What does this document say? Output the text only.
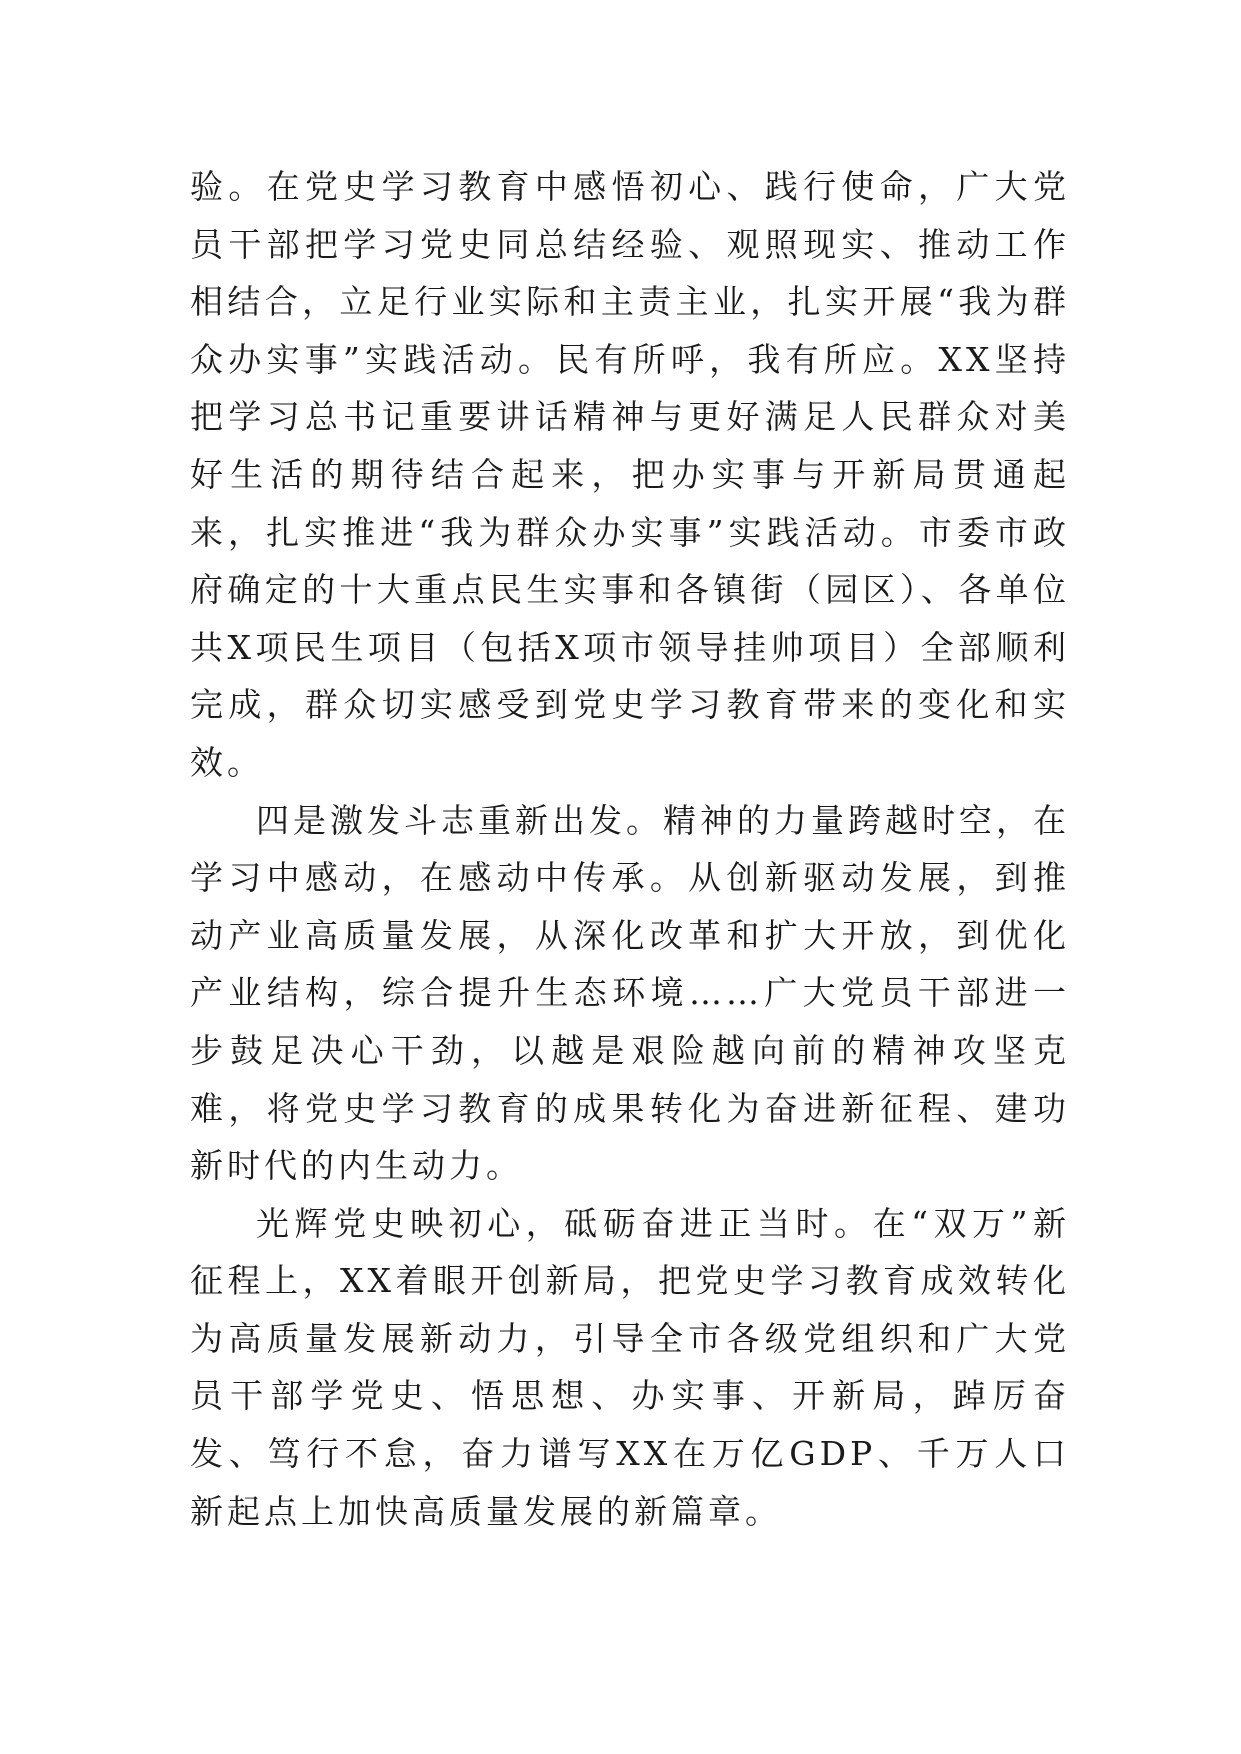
验。在党史学习教育中感悟初心、践行使命，广大党员干部把学习党史同总结经验、观照现实、推动工作相结合，立足行业实际和主责主业，扎实开展“我为群众办实事”实践活动。民有所呼，我有所应。XX坚持把学习总书记重要讲话精神与更好满足人民群众对美好生活的期待结合起来，把办实事与开新局贯通起来，扎实推进“我为群众办实事”实践活动。市委市政府确定的十大重点民生实事和各镇街（园区）、各单位共X项民生项目（包括X项市领导挂帅项目）全部顺利完成，群众切实感受到党史学习教育带来的变化和实效。

四是激发斗志重新出发。精神的力量跨越时空，在学习中感动，在感动中传承。从创新驱动发展，到推动产业高质量发展，从深化改革和扩大开放，到优化产业结构，综合提升生态环境……广大党员干部进一步鼓足决心干劲，以越是艰险越向前的精神攻坚克难，将党史学习教育的成果转化为奋进新征程、建功新时代的内生动力。

光辉党史映初心，砥砺奋进正当时。在“双万”新征程上，XX着眼开创新局，把党史学习教育成效转化为高质量发展新动力，引导全市各级党组织和广大党员干部学党史、悟思想、办实事、开新局，踔厉奋发、笃行不怠，奋力谱写XX在万亿GDP、千万人口新起点上加快高质量发展的新篇章。
